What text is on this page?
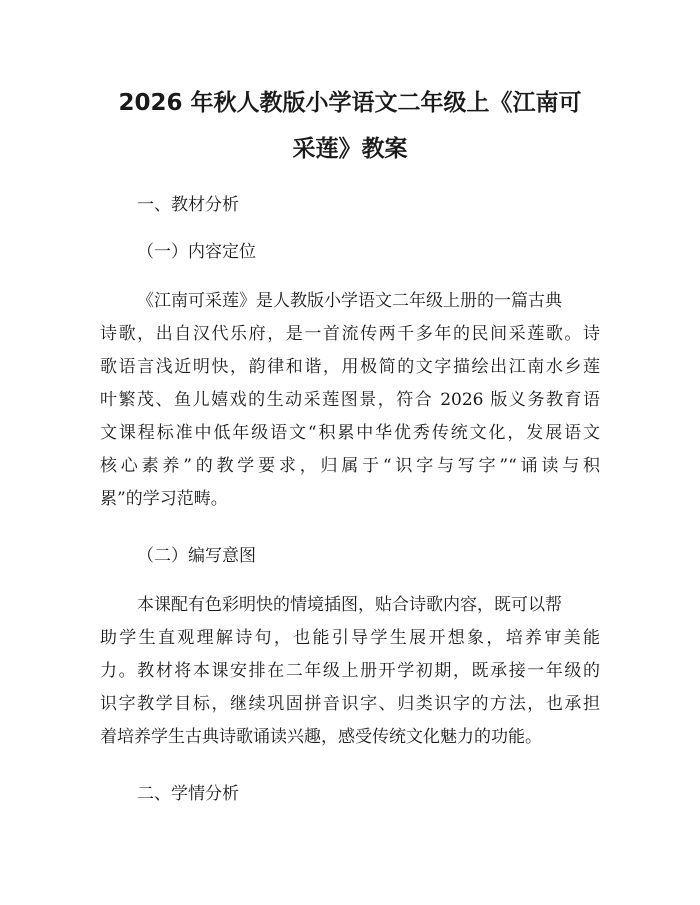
2026 年秋人教版小学语文二年级上《江南可
采莲》教案
一、教材分析
（一）内容定位
《江南可采莲》是人教版小学语文二年级上册的一篇古典
诗歌，出自汉代乐府，是一首流传两千多年的民间采莲歌。诗
歌语言浅近明快，韵律和谐，用极简的文字描绘出江南水乡莲
叶繁茂、鱼儿嬉戏的生动采莲图景，符合 2026 版义务教育语
文课程标准中低年级语文“积累中华优秀传统文化，发展语文
核心素养”的教学要求，归属于“识字与写字”“诵读与积
累”的学习范畴。
（二）编写意图
本课配有色彩明快的情境插图，贴合诗歌内容，既可以帮
助学生直观理解诗句，也能引导学生展开想象，培养审美能
力。教材将本课安排在二年级上册开学初期，既承接一年级的
识字教学目标，继续巩固拼音识字、归类识字的方法，也承担
着培养学生古典诗歌诵读兴趣，感受传统文化魅力的功能。
二、学情分析
